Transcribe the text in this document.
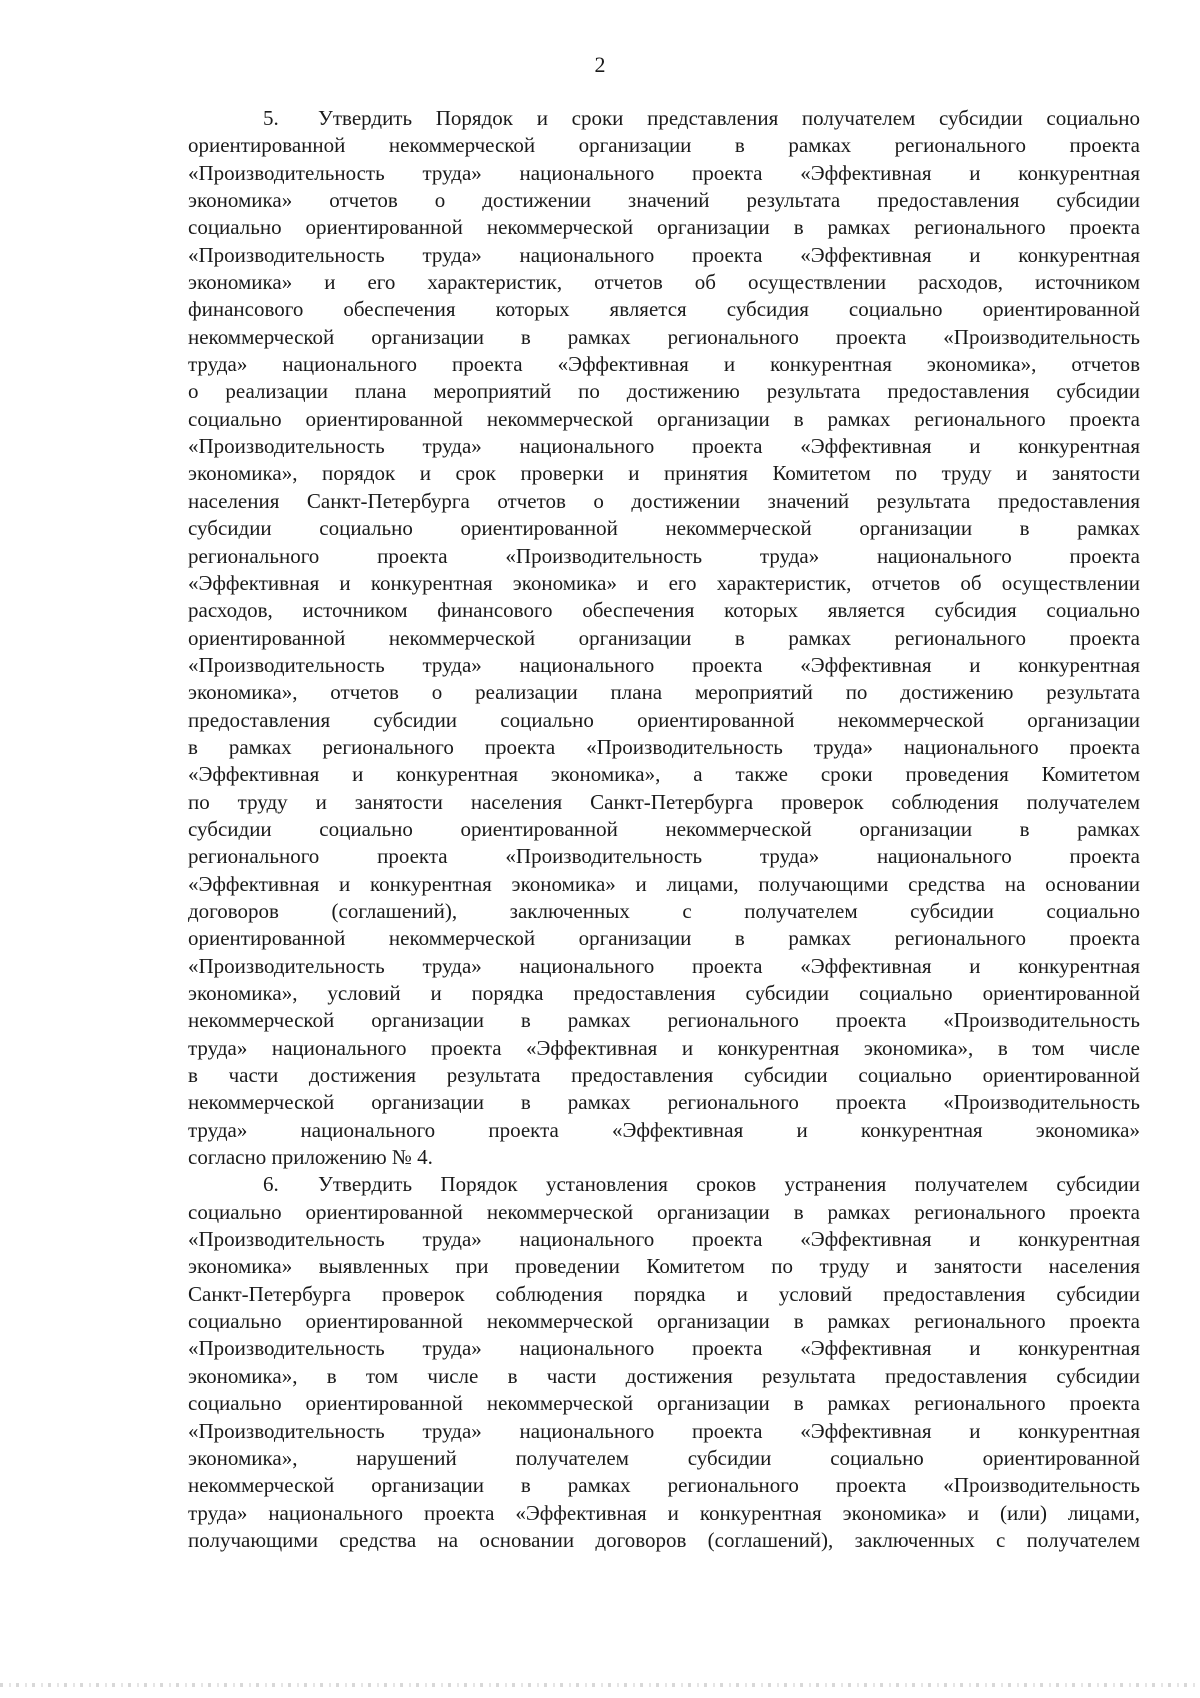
2
5. Утвердить Порядок и сроки представления получателем субсидии социально
ориентированной некоммерческой организации в рамках регионального проекта
«Производительность труда» национального проекта «Эффективная и конкурентная
экономика» отчетов о достижении значений результата предоставления субсидии
социально ориентированной некоммерческой организации в рамках регионального проекта
«Производительность труда» национального проекта «Эффективная и конкурентная
экономика» и его характеристик, отчетов об осуществлении расходов, источником
финансового обеспечения которых является субсидия социально ориентированной
некоммерческой организации в рамках регионального проекта «Производительность
труда» национального проекта «Эффективная и конкурентная экономика», отчетов
о реализации плана мероприятий по достижению результата предоставления субсидии
социально ориентированной некоммерческой организации в рамках регионального проекта
«Производительность труда» национального проекта «Эффективная и конкурентная
экономика», порядок и срок проверки и принятия Комитетом по труду и занятости
населения Санкт-Петербурга отчетов о достижении значений результата предоставления
субсидии социально ориентированной некоммерческой организации в рамках
регионального проекта «Производительность труда» национального проекта
«Эффективная и конкурентная экономика» и его характеристик, отчетов об осуществлении
расходов, источником финансового обеспечения которых является субсидия социально
ориентированной некоммерческой организации в рамках регионального проекта
«Производительность труда» национального проекта «Эффективная и конкурентная
экономика», отчетов о реализации плана мероприятий по достижению результата
предоставления субсидии социально ориентированной некоммерческой организации
в рамках регионального проекта «Производительность труда» национального проекта
«Эффективная и конкурентная экономика», а также сроки проведения Комитетом
по труду и занятости населения Санкт-Петербурга проверок соблюдения получателем
субсидии социально ориентированной некоммерческой организации в рамках
регионального проекта «Производительность труда» национального проекта
«Эффективная и конкурентная экономика» и лицами, получающими средства на основании
договоров (соглашений), заключенных с получателем субсидии социально
ориентированной некоммерческой организации в рамках регионального проекта
«Производительность труда» национального проекта «Эффективная и конкурентная
экономика», условий и порядка предоставления субсидии социально ориентированной
некоммерческой организации в рамках регионального проекта «Производительность
труда» национального проекта «Эффективная и конкурентная экономика», в том числе
в части достижения результата предоставления субсидии социально ориентированной
некоммерческой организации в рамках регионального проекта «Производительность
труда» национального проекта «Эффективная и конкурентная экономика»
согласно приложению № 4.
6. Утвердить Порядок установления сроков устранения получателем субсидии
социально ориентированной некоммерческой организации в рамках регионального проекта
«Производительность труда» национального проекта «Эффективная и конкурентная
экономика» выявленных при проведении Комитетом по труду и занятости населения
Санкт-Петербурга проверок соблюдения порядка и условий предоставления субсидии
социально ориентированной некоммерческой организации в рамках регионального проекта
«Производительность труда» национального проекта «Эффективная и конкурентная
экономика», в том числе в части достижения результата предоставления субсидии
социально ориентированной некоммерческой организации в рамках регионального проекта
«Производительность труда» национального проекта «Эффективная и конкурентная
экономика», нарушений получателем субсидии социально ориентированной
некоммерческой организации в рамках регионального проекта «Производительность
труда» национального проекта «Эффективная и конкурентная экономика» и (или) лицами,
получающими средства на основании договоров (соглашений), заключенных с получателем
